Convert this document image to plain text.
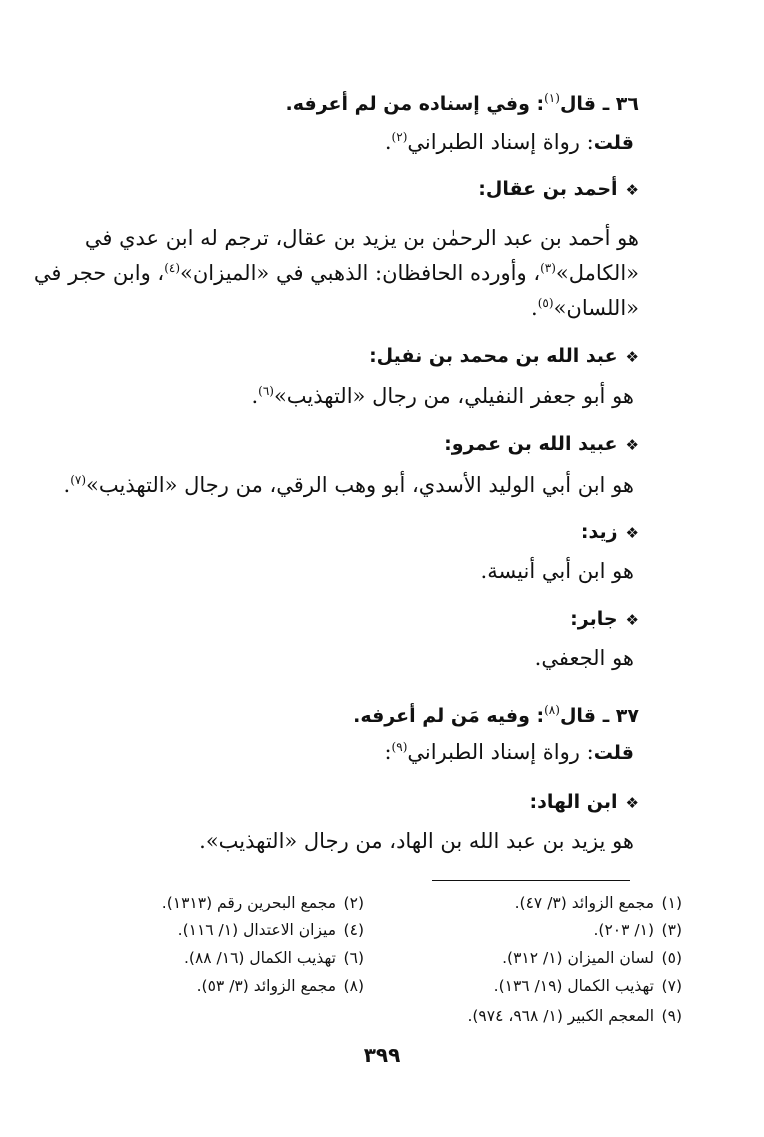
٣٦ ـ قال$^{(١)}$: وفي إسناده من لم أعرفه.
قلت: رواة إسناد الطبراني$^{(٢)}$.
❖أحمد بن عقال:
هو أحمد بن عبد الرحمٰن بن يزيد بن عقال، ترجم له ابن عدي في
«الكامل»$^{(٣)}$، وأورده الحافظان: الذهبي في «الميزان»$^{(٤)}$، وابن حجر في
«اللسان»$^{(٥)}$.
❖عبد الله بن محمد بن نفيل:
هو أبو جعفر النفيلي، من رجال «التهذيب»$^{(٦)}$.
❖عبيد الله بن عمرو:
هو ابن أبي الوليد الأسدي، أبو وهب الرقي، من رجال «التهذيب»$^{(٧)}$.
❖زيد:
هو ابن أبي أنيسة.
❖جابر:
هو الجعفي.
٣٧ ـ قال$^{(٨)}$: وفيه مَن لم أعرفه.
قلت: رواة إسناد الطبراني$^{(٩)}$:
❖ابن الهاد:
هو يزيد بن عبد الله بن الهاد، من رجال «التهذيب».
(١)مجمع الزوائد (٣/ ٤٧).
(٣)(١/ ٢٠٣).
(٥)لسان الميزان (١/ ٣١٢).
(٧)تهذيب الكمال (١٩/ ١٣٦).
(٩)المعجم الكبير (١/ ٩٦٨، ٩٧٤).
(٢)مجمع البحرين رقم (١٣١٣).
(٤)ميزان الاعتدال (١/ ١١٦).
(٦)تهذيب الكمال (١٦/ ٨٨).
(٨)مجمع الزوائد (٣/ ٥٣).
٣٩٩
